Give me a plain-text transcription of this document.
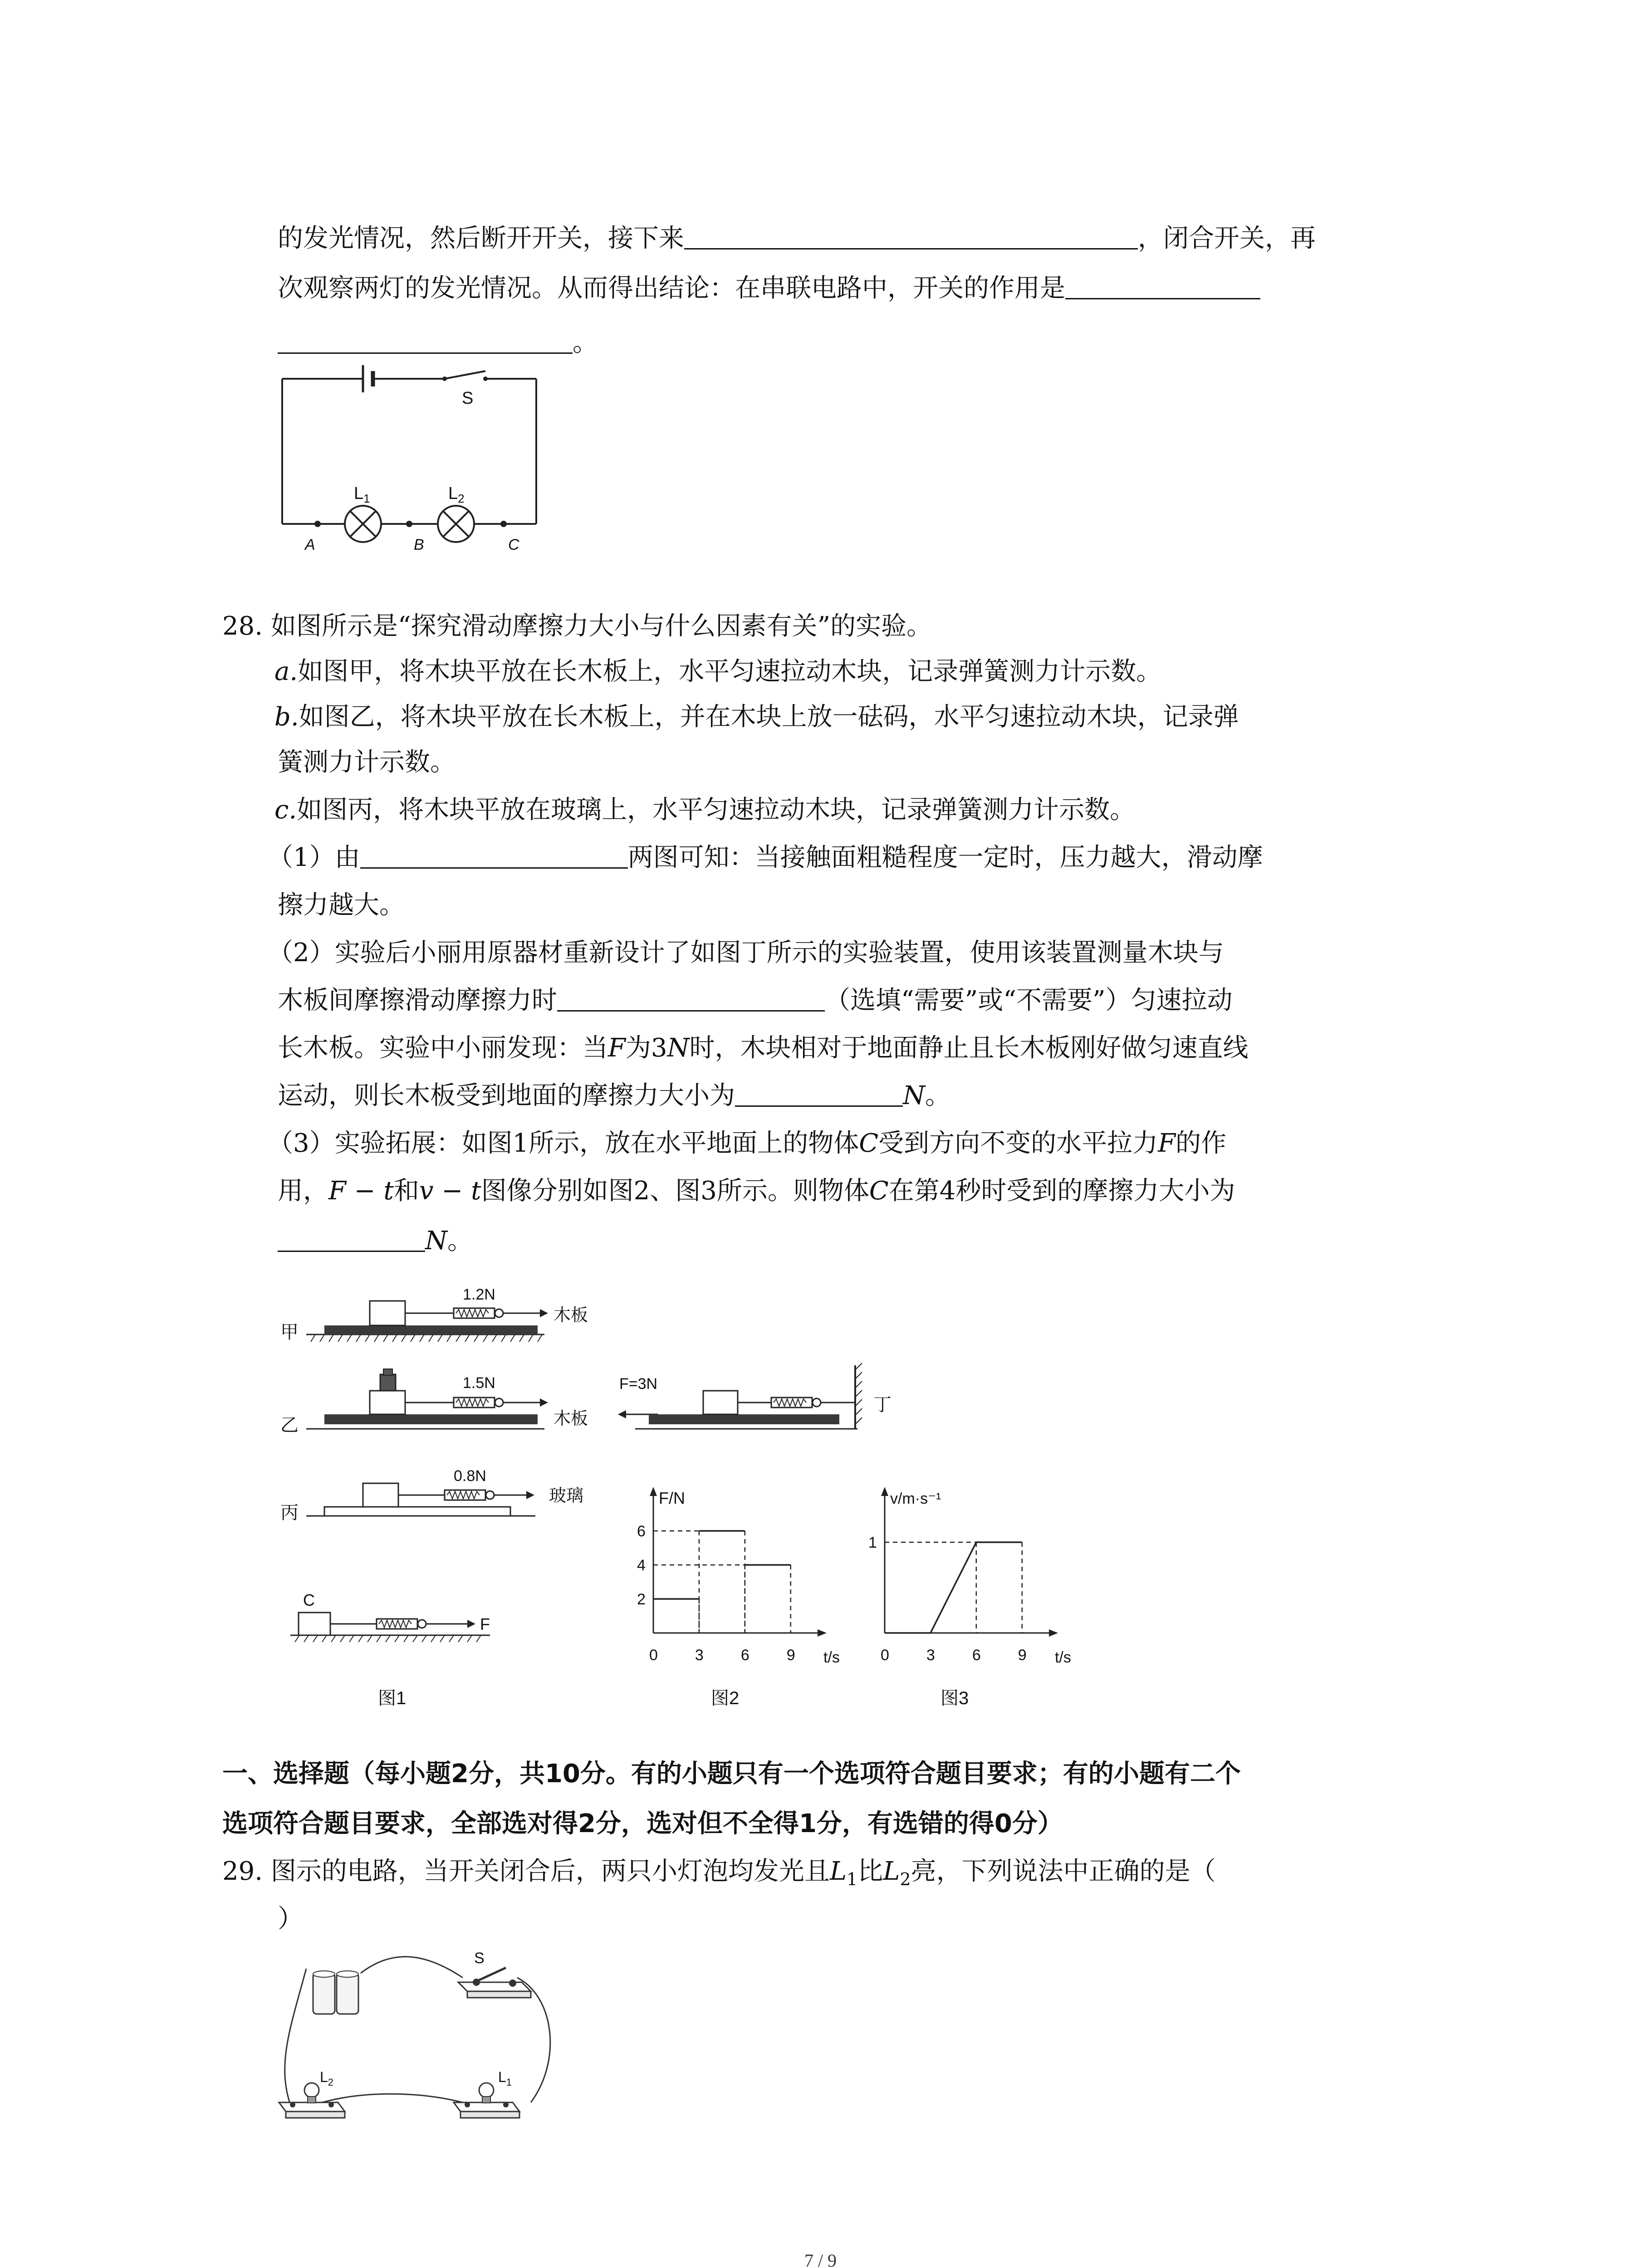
的发光情况，然后断开开关，接下来	，闭合开关，再
次观察两灯的发光情况。从而得出结论：在串联电路中，开关的作用是
。
S
$L_1$	$L_2$
A	B	C
28. 如图所示是“探究滑动摩擦力大小与什么因素有关”的实验。
a.如图甲，将木块平放在长木板上，水平匀速拉动木块，记录弹簧测力计示数。
b.如图乙，将木块平放在长木板上，并在木块上放一砝码，水平匀速拉动木块，记录弹
簧测力计示数。
c.如图丙，将木块平放在玻璃上，水平匀速拉动木块，记录弹簧测力计示数。
（1）由	两图可知：当接触面粗糙程度一定时，压力越大，滑动摩
擦力越大。
（2）实验后小丽用原器材重新设计了如图丁所示的实验装置，使用该装置测量木块与
木板间摩擦滑动摩擦力时	（选填“需要”或“不需要”）匀速拉动
长木板。实验中小丽发现：当F为3N时，木块相对于地面静止且长木板刚好做匀速直线
运动，则长木板受到地面的摩擦力大小为	N。
（3）实验拓展：如图1所示，放在水平地面上的物体C受到方向不变的水平拉力F的作
用，F − t和v − t图像分别如图2、图3所示。则物体C在第4秒时受到的摩擦力大小为
N。
甲
1.2N
木板
乙
1.5N
木板
F=3N
丁
丙
0.8N
玻璃
C
F
图1
F/N
t/s
0 3 6 9
2
4
6
图2
v/m·s⁻¹
t/s
0 3 6 9
1
图3
一、选择题（每小题2分，共10分。有的小题只有一个选项符合题目要求；有的小题有二个
选项符合题目要求，全部选对得2分，选对但不全得1分，有选错的得0分）
29. 图示的电路，当开关闭合后，两只小灯泡均发光且$L_1$比$L_2$亮，下列说法中正确的是（
）
S
$L_2$	$L_1$
7 / 9
